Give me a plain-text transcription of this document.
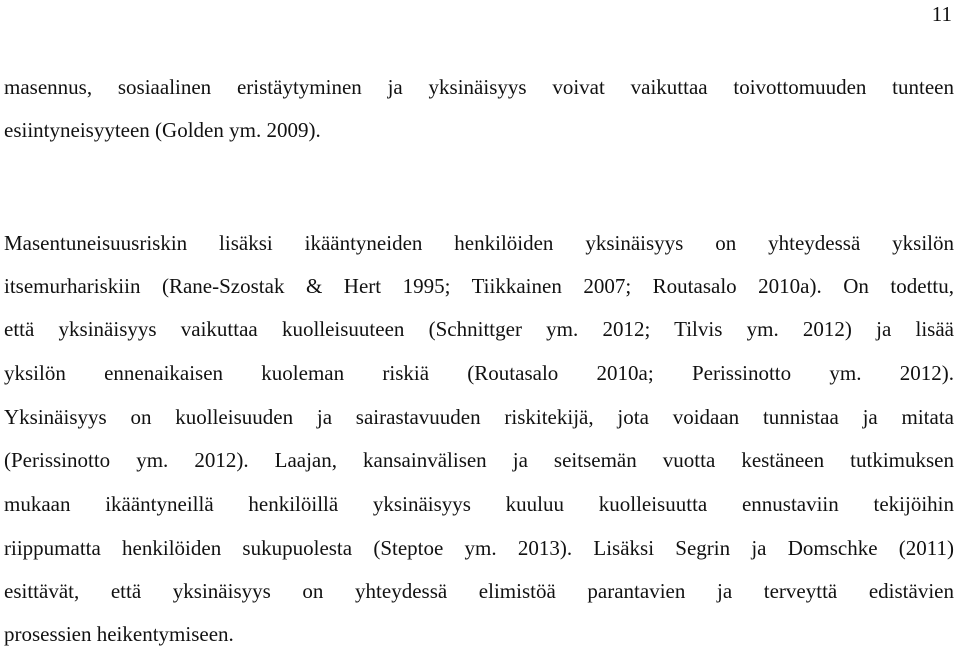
11
masennus, sosiaalinen eristäytyminen ja yksinäisyys voivat vaikuttaa toivottomuuden tunteen
esiintyneisyyteen (Golden ym. 2009).
Masentuneisuusriskin lisäksi ikääntyneiden henkilöiden yksinäisyys on yhteydessä yksilön
itsemurhariskiin (Rane-Szostak & Hert 1995; Tiikkainen 2007; Routasalo 2010a). On todettu,
että yksinäisyys vaikuttaa kuolleisuuteen (Schnittger ym. 2012; Tilvis ym. 2012) ja lisää
yksilön ennenaikaisen kuoleman riskiä (Routasalo 2010a; Perissinotto ym. 2012).
Yksinäisyys on kuolleisuuden ja sairastavuuden riskitekijä, jota voidaan tunnistaa ja mitata
(Perissinotto ym. 2012). Laajan, kansainvälisen ja seitsemän vuotta kestäneen tutkimuksen
mukaan ikääntyneillä henkilöillä yksinäisyys kuuluu kuolleisuutta ennustaviin tekijöihin
riippumatta henkilöiden sukupuolesta (Steptoe ym. 2013). Lisäksi Segrin ja Domschke (2011)
esittävät, että yksinäisyys on yhteydessä elimistöä parantavien ja terveyttä edistävien
prosessien heikentymiseen.
